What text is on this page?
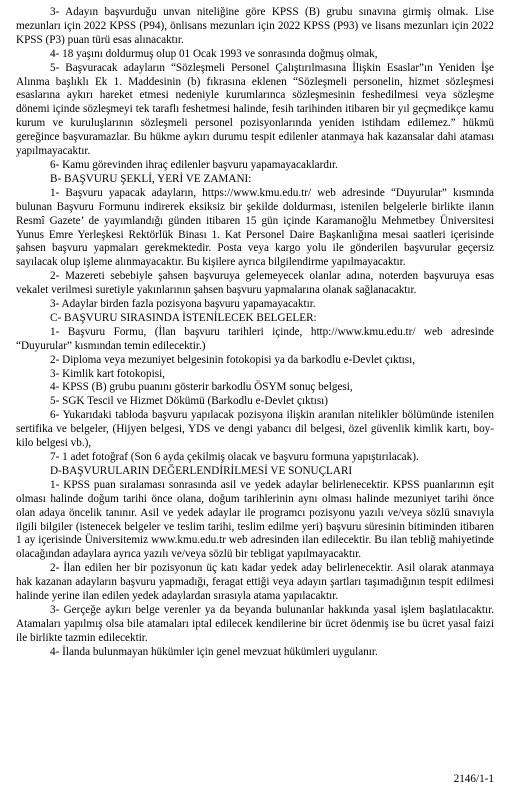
3- Adayın başvurduğu unvan niteliğine göre KPSS (B) grubu sınavına girmiş olmak. Lise mezunları için 2022 KPSS (P94), önlisans mezunları için 2022 KPSS (P93) ve lisans mezunları için 2022 KPSS (P3) puan türü esas alınacaktır.

4- 18 yaşını doldurmuş olup 01 Ocak 1993 ve sonrasında doğmuş olmak,

5- Başvuracak adayların “Sözleşmeli Personel Çalıştırılmasına İlişkin Esaslar”ın Yeniden İşe Alınma başlıklı Ek 1. Maddesinin (b) fıkrasına eklenen “Sözleşmeli personelin, hizmet sözleşmesi esaslarına aykırı hareket etmesi nedeniyle kurumlarınca sözleşmesinin feshedilmesi veya sözleşme dönemi içinde sözleşmeyi tek taraflı feshetmesi halinde, fesih tarihinden itibaren bir yıl geçmedikçe kamu kurum ve kuruluşlarının sözleşmeli personel pozisyonlarında yeniden istihdam edilemez.” hükmü gereğince başvuramazlar. Bu hükme aykırı durumu tespit edilenler atanmaya hak kazansalar dahi ataması yapılmayacaktır.

6- Kamu görevinden ihraç edilenler başvuru yapamayacaklardır.

B- BAŞVURU ŞEKLİ, YERİ VE ZAMANI:

1- Başvuru yapacak adayların, https://www.kmu.edu.tr/ web adresinde “Duyurular” kısmında bulunan Başvuru Formunu indirerek eksiksiz bir şekilde doldurması, istenilen belgelerle birlikte ilanın Resmî Gazete’ de yayımlandığı günden itibaren 15 gün içinde Karamanoğlu Mehmetbey Üniversitesi Yunus Emre Yerleşkesi Rektörlük Binası 1. Kat Personel Daire Başkanlığına mesai saatleri içerisinde şahsen başvuru yapmaları gerekmektedir. Posta veya kargo yolu ile gönderilen başvurular geçersiz sayılacak olup işleme alınmayacaktır. Bu kişilere ayrıca bilgilendirme yapılmayacaktır.

2- Mazereti sebebiyle şahsen başvuruya gelemeyecek olanlar adına, noterden başvuruya esas vekalet verilmesi suretiyle yakınlarının şahsen başvuru yapmalarına olanak sağlanacaktır.

3- Adaylar birden fazla pozisyona başvuru yapamayacaktır.

C- BAŞVURU SIRASINDA İSTENİLECEK BELGELER:

1- Başvuru Formu, (İlan başvuru tarihleri içinde, http://www.kmu.edu.tr/ web adresinde “Duyurular” kısmından temin edilecektir.)

2- Diploma veya mezuniyet belgesinin fotokopisi ya da barkodlu e-Devlet çıktısı,

3- Kimlik kart fotokopisi,

4- KPSS (B) grubu puanını gösterir barkodlu ÖSYM sonuç belgesi,

5- SGK Tescil ve Hizmet Dökümü (Barkodlu e-Devlet çıktısı)

6- Yukarıdaki tabloda başvuru yapılacak pozisyona ilişkin aranılan nitelikler bölümünde istenilen sertifika ve belgeler, (Hijyen belgesi, YDS ve dengi yabancı dil belgesi, özel güvenlik kimlik kartı, boy-kilo belgesi vb.),

7- 1 adet fotoğraf (Son 6 ayda çekilmiş olacak ve başvuru formuna yapıştırılacak).

D-BAŞVURULARIN DEĞERLENDİRİLMESİ VE SONUÇLARI

1- KPSS puan sıralaması sonrasında asil ve yedek adaylar belirlenecektir. KPSS puanlarının eşit olması halinde doğum tarihi önce olana, doğum tarihlerinin aynı olması halinde mezuniyet tarihi önce olan adaya öncelik tanınır. Asil ve yedek adaylar ile programcı pozisyonu yazılı ve/veya sözlü sınavıyla ilgili bilgiler (istenecek belgeler ve teslim tarihi, teslim edilme yeri) başvuru süresinin bitiminden itibaren 1 ay içerisinde Üniversitemiz www.kmu.edu.tr web adresinden ilan edilecektir. Bu ilan tebliğ mahiyetinde olacağından adaylara ayrıca yazılı ve/veya sözlü bir tebligat yapılmayacaktır.

2- İlan edilen her bir pozisyonun üç katı kadar yedek aday belirlenecektir. Asil olarak atanmaya hak kazanan adayların başvuru yapmadığı, feragat ettiği veya adayın şartları taşımadığının tespit edilmesi halinde yerine ilan edilen yedek adaylardan sırasıyla atama yapılacaktır.

3- Gerçeğe aykırı belge verenler ya da beyanda bulunanlar hakkında yasal işlem başlatılacaktır. Atamaları yapılmış olsa bile atamaları iptal edilecek kendilerine bir ücret ödenmiş ise bu ücret yasal faizi ile birlikte tazmin edilecektir.

4- İlanda bulunmayan hükümler için genel mevzuat hükümleri uygulanır.

2146/1-1
